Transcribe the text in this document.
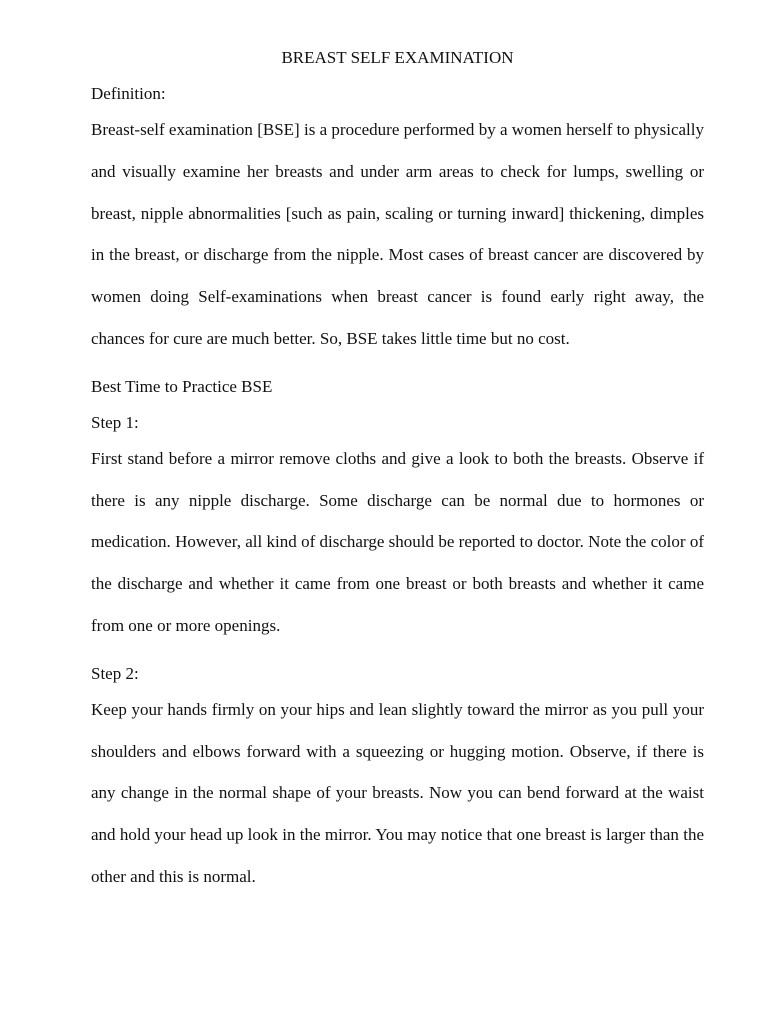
BREAST SELF EXAMINATION

Definition:

Breast-self examination [BSE] is a procedure performed by a women herself to physically and visually examine her breasts and under arm areas to check for lumps, swelling or breast, nipple abnormalities [such as pain, scaling or turning inward] thickening, dimples in the breast, or discharge from the nipple. Most cases of breast cancer are discovered by women doing Self-examinations when breast cancer is found early right away, the chances for cure are much better. So, BSE takes little time but no cost.

Best Time to Practice BSE

Step 1:

First stand before a mirror remove cloths and give a look to both the breasts. Observe if there is any nipple discharge. Some discharge can be normal due to hormones or medication. However, all kind of discharge should be reported to doctor. Note the color of the discharge and whether it came from one breast or both breasts and whether it came from one or more openings.

Step 2:

Keep your hands firmly on your hips and lean slightly toward the mirror as you pull your shoulders and elbows forward with a squeezing or hugging motion. Observe, if there is any change in the normal shape of your breasts. Now you can bend forward at the waist and hold your head up look in the mirror. You may notice that one breast is larger than the other and this is normal.
